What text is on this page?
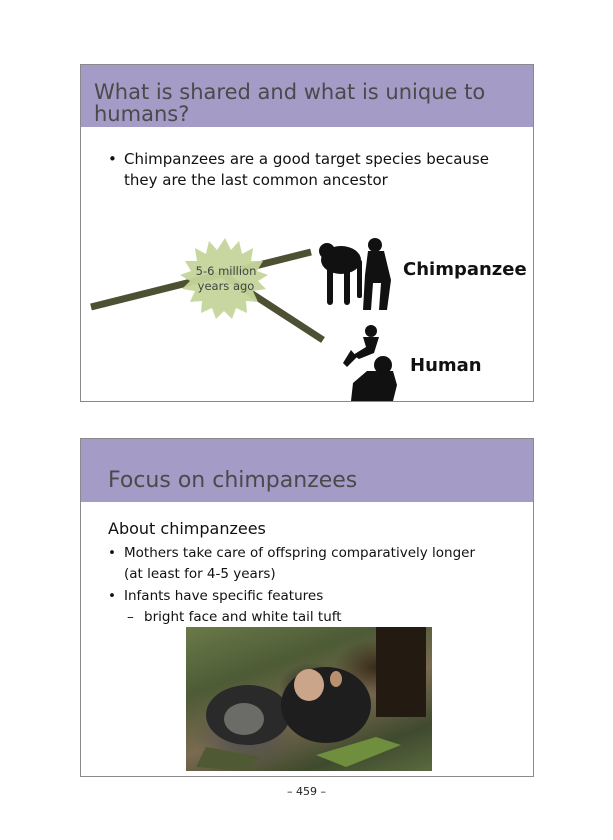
What is shared and what is unique to humans?
• Chimpanzees are a good target species because they are the last common ancestor
5-6 million years ago
Chimpanzee
Human
Focus on chimpanzees
About chimpanzees
• Mothers take care of offspring comparatively longer
(at least for 4-5 years)
• Infants have specific features
– bright face and white tail tuft
– 459 –
